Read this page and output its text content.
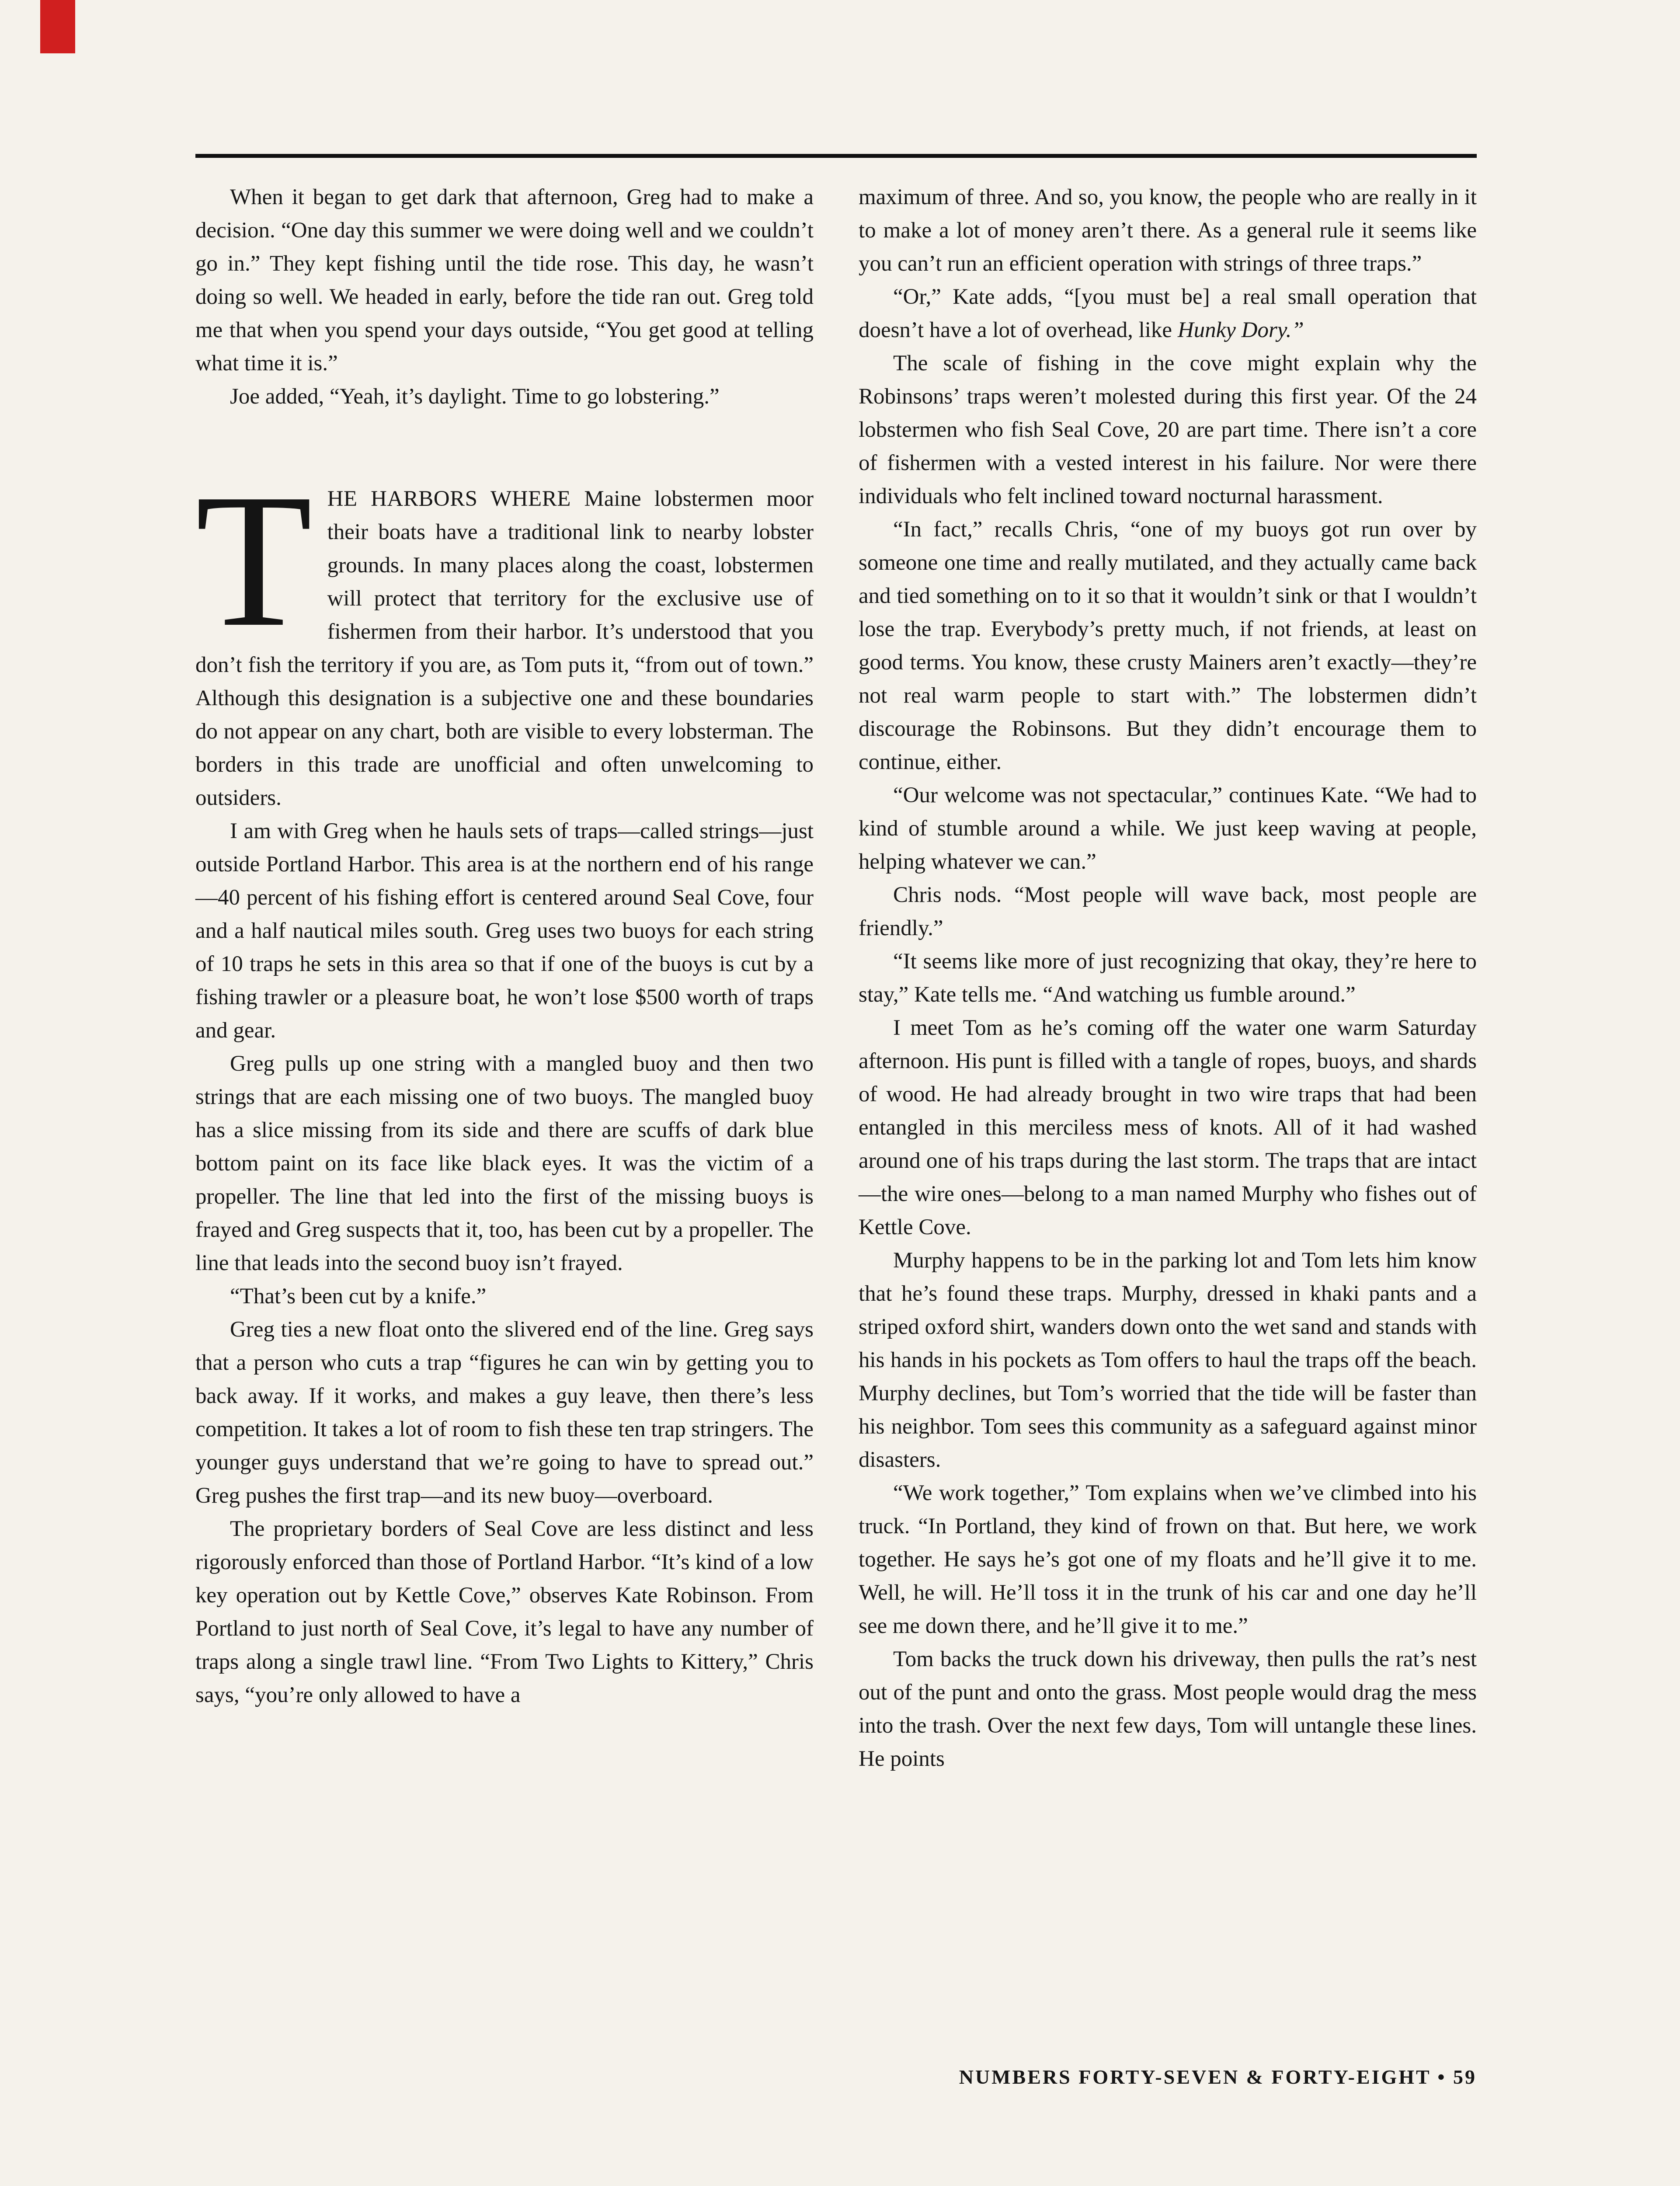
When it began to get dark that afternoon, Greg had to make a decision. “One day this summer we were doing well and we couldn’t go in.” They kept fishing until the tide rose. This day, he wasn’t doing so well. We headed in early, before the tide ran out. Greg told me that when you spend your days outside, “You get good at telling what time it is.”

Joe added, “Yeah, it’s daylight. Time to go lobstering.”

THE HARBORS WHERE Maine lobstermen moor their boats have a traditional link to nearby lobster grounds. In many places along the coast, lobstermen will protect that territory for the exclusive use of fishermen from their harbor. It’s understood that you don’t fish the territory if you are, as Tom puts it, “from out of town.” Although this designation is a subjective one and these boundaries do not appear on any chart, both are visible to every lobsterman. The borders in this trade are unofficial and often unwelcoming to outsiders.

I am with Greg when he hauls sets of traps—called strings—just outside Portland Harbor. This area is at the northern end of his range—40 percent of his fishing effort is centered around Seal Cove, four and a half nautical miles south. Greg uses two buoys for each string of 10 traps he sets in this area so that if one of the buoys is cut by a fishing trawler or a pleasure boat, he won’t lose $500 worth of traps and gear.

Greg pulls up one string with a mangled buoy and then two strings that are each missing one of two buoys. The mangled buoy has a slice missing from its side and there are scuffs of dark blue bottom paint on its face like black eyes. It was the victim of a propeller. The line that led into the first of the missing buoys is frayed and Greg suspects that it, too, has been cut by a propeller. The line that leads into the second buoy isn’t frayed.

“That’s been cut by a knife.”

Greg ties a new float onto the slivered end of the line. Greg says that a person who cuts a trap “figures he can win by getting you to back away. If it works, and makes a guy leave, then there’s less competition. It takes a lot of room to fish these ten trap stringers. The younger guys understand that we’re going to have to spread out.” Greg pushes the first trap—and its new buoy—overboard.

The proprietary borders of Seal Cove are less distinct and less rigorously enforced than those of Portland Harbor. “It’s kind of a low key operation out by Kettle Cove,” observes Kate Robinson. From Portland to just north of Seal Cove, it’s legal to have any number of traps along a single trawl line. “From Two Lights to Kittery,” Chris says, “you’re only allowed to have a

maximum of three. And so, you know, the people who are really in it to make a lot of money aren’t there. As a general rule it seems like you can’t run an efficient operation with strings of three traps.”

“Or,” Kate adds, “[you must be] a real small operation that doesn’t have a lot of overhead, like Hunky Dory.”

The scale of fishing in the cove might explain why the Robinsons’ traps weren’t molested during this first year. Of the 24 lobstermen who fish Seal Cove, 20 are part time. There isn’t a core of fishermen with a vested interest in his failure. Nor were there individuals who felt inclined toward nocturnal harassment.

“In fact,” recalls Chris, “one of my buoys got run over by someone one time and really mutilated, and they actually came back and tied something on to it so that it wouldn’t sink or that I wouldn’t lose the trap. Everybody’s pretty much, if not friends, at least on good terms. You know, these crusty Mainers aren’t exactly—they’re not real warm people to start with.” The lobstermen didn’t discourage the Robinsons. But they didn’t encourage them to continue, either.

“Our welcome was not spectacular,” continues Kate. “We had to kind of stumble around a while. We just keep waving at people, helping whatever we can.”

Chris nods. “Most people will wave back, most people are friendly.”

“It seems like more of just recognizing that okay, they’re here to stay,” Kate tells me. “And watching us fumble around.”

I meet Tom as he’s coming off the water one warm Saturday afternoon. His punt is filled with a tangle of ropes, buoys, and shards of wood. He had already brought in two wire traps that had been entangled in this merciless mess of knots. All of it had washed around one of his traps during the last storm. The traps that are intact—the wire ones—belong to a man named Murphy who fishes out of Kettle Cove.

Murphy happens to be in the parking lot and Tom lets him know that he’s found these traps. Murphy, dressed in khaki pants and a striped oxford shirt, wanders down onto the wet sand and stands with his hands in his pockets as Tom offers to haul the traps off the beach. Murphy declines, but Tom’s worried that the tide will be faster than his neighbor. Tom sees this community as a safeguard against minor disasters.

“We work together,” Tom explains when we’ve climbed into his truck. “In Portland, they kind of frown on that. But here, we work together. He says he’s got one of my floats and he’ll give it to me. Well, he will. He’ll toss it in the trunk of his car and one day he’ll see me down there, and he’ll give it to me.”

Tom backs the truck down his driveway, then pulls the rat’s nest out of the punt and onto the grass. Most people would drag the mess into the trash. Over the next few days, Tom will untangle these lines. He points

NUMBERS FORTY-SEVEN & FORTY-EIGHT • 59
